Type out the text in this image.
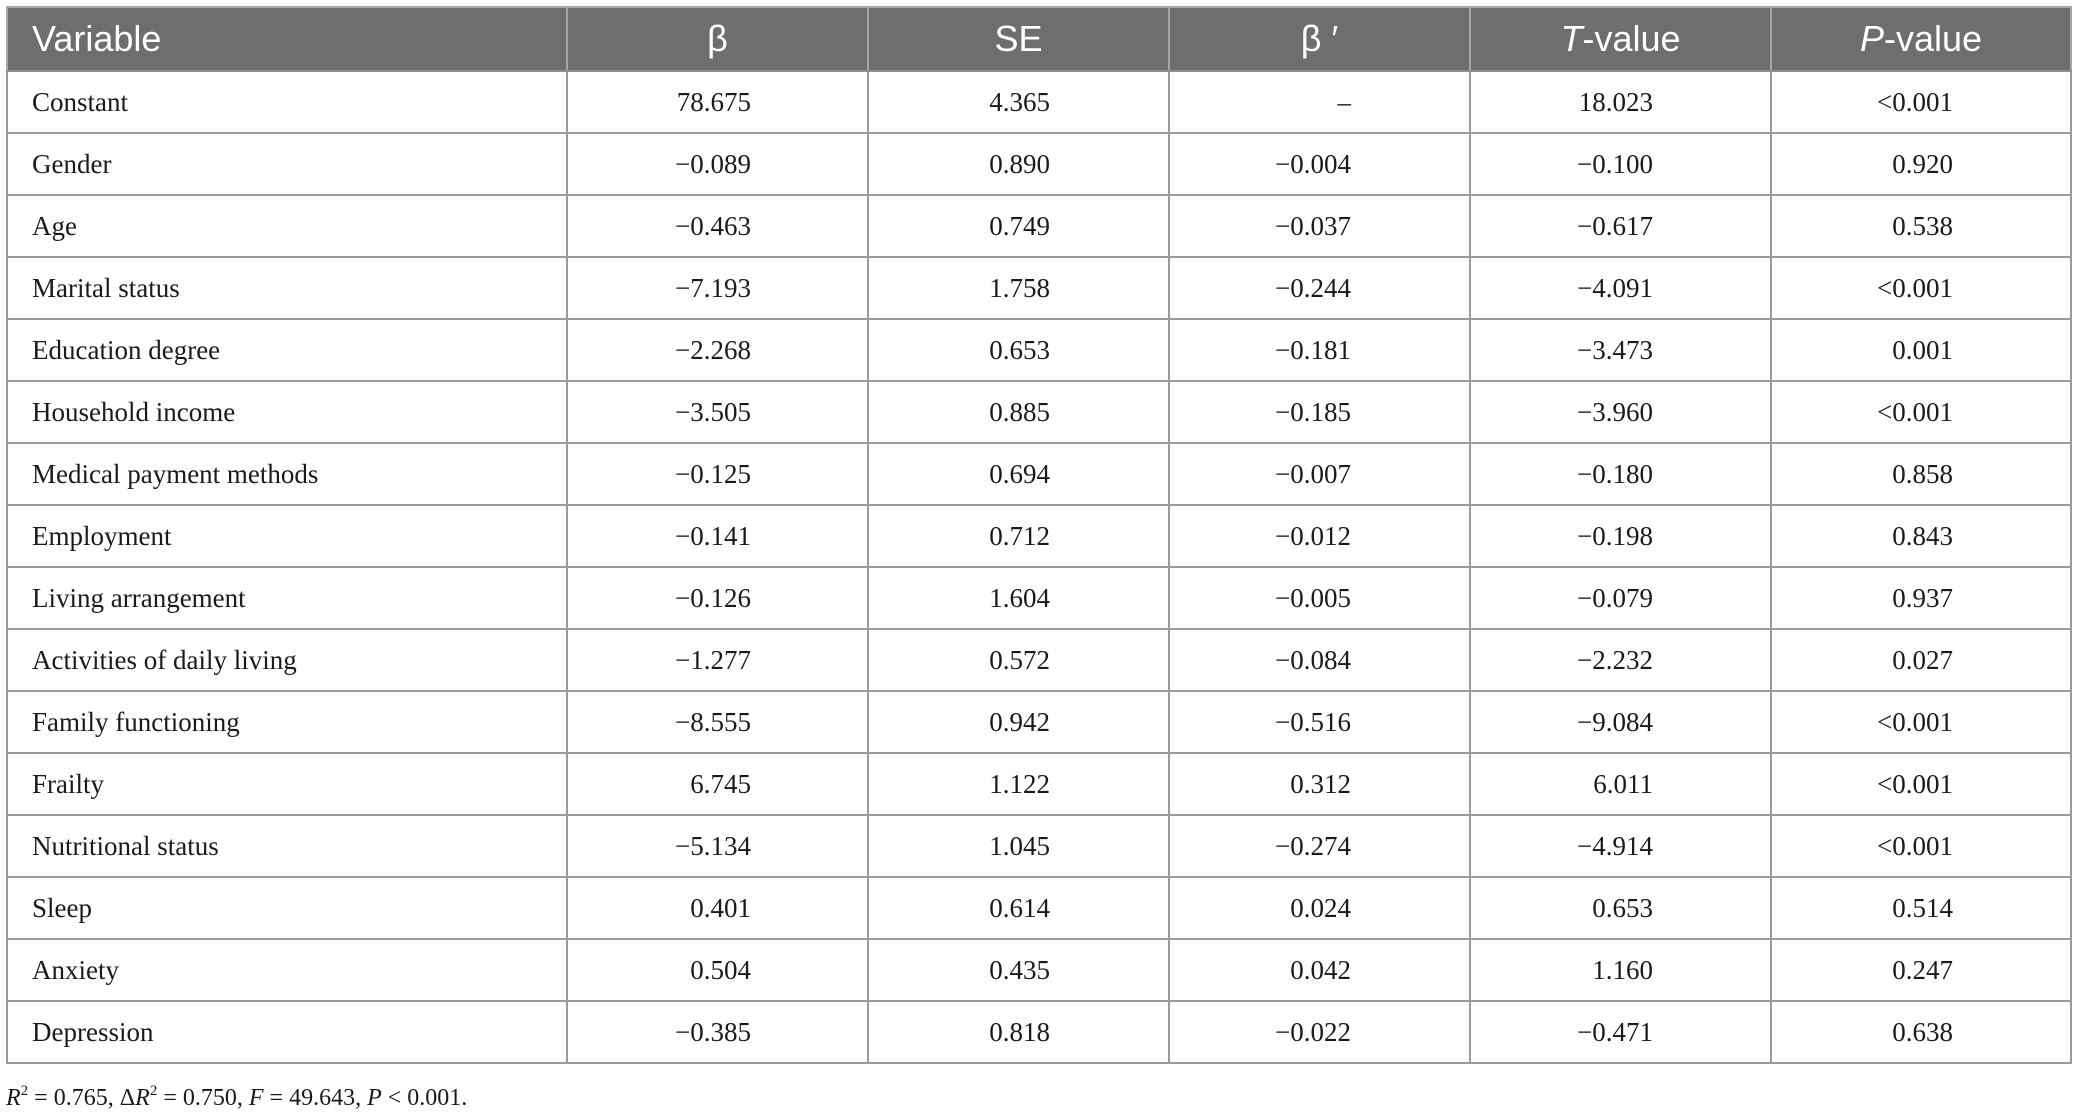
Variable	β	SE	β ′	T-value	P-value
Constant	78.675	4.365	–	18.023	<0.001
Gender	−0.089	0.890	−0.004	−0.100	0.920
Age	−0.463	0.749	−0.037	−0.617	0.538
Marital status	−7.193	1.758	−0.244	−4.091	<0.001
Education degree	−2.268	0.653	−0.181	−3.473	0.001
Household income	−3.505	0.885	−0.185	−3.960	<0.001
Medical payment methods	−0.125	0.694	−0.007	−0.180	0.858
Employment	−0.141	0.712	−0.012	−0.198	0.843
Living arrangement	−0.126	1.604	−0.005	−0.079	0.937
Activities of daily living	−1.277	0.572	−0.084	−2.232	0.027
Family functioning	−8.555	0.942	−0.516	−9.084	<0.001
Frailty	6.745	1.122	0.312	6.011	<0.001
Nutritional status	−5.134	1.045	−0.274	−4.914	<0.001
Sleep	0.401	0.614	0.024	0.653	0.514
Anxiety	0.504	0.435	0.042	1.160	0.247
Depression	−0.385	0.818	−0.022	−0.471	0.638
$R^2 = 0.765$, $\Delta R^2 = 0.750$, F = 49.643, P < 0.001.
